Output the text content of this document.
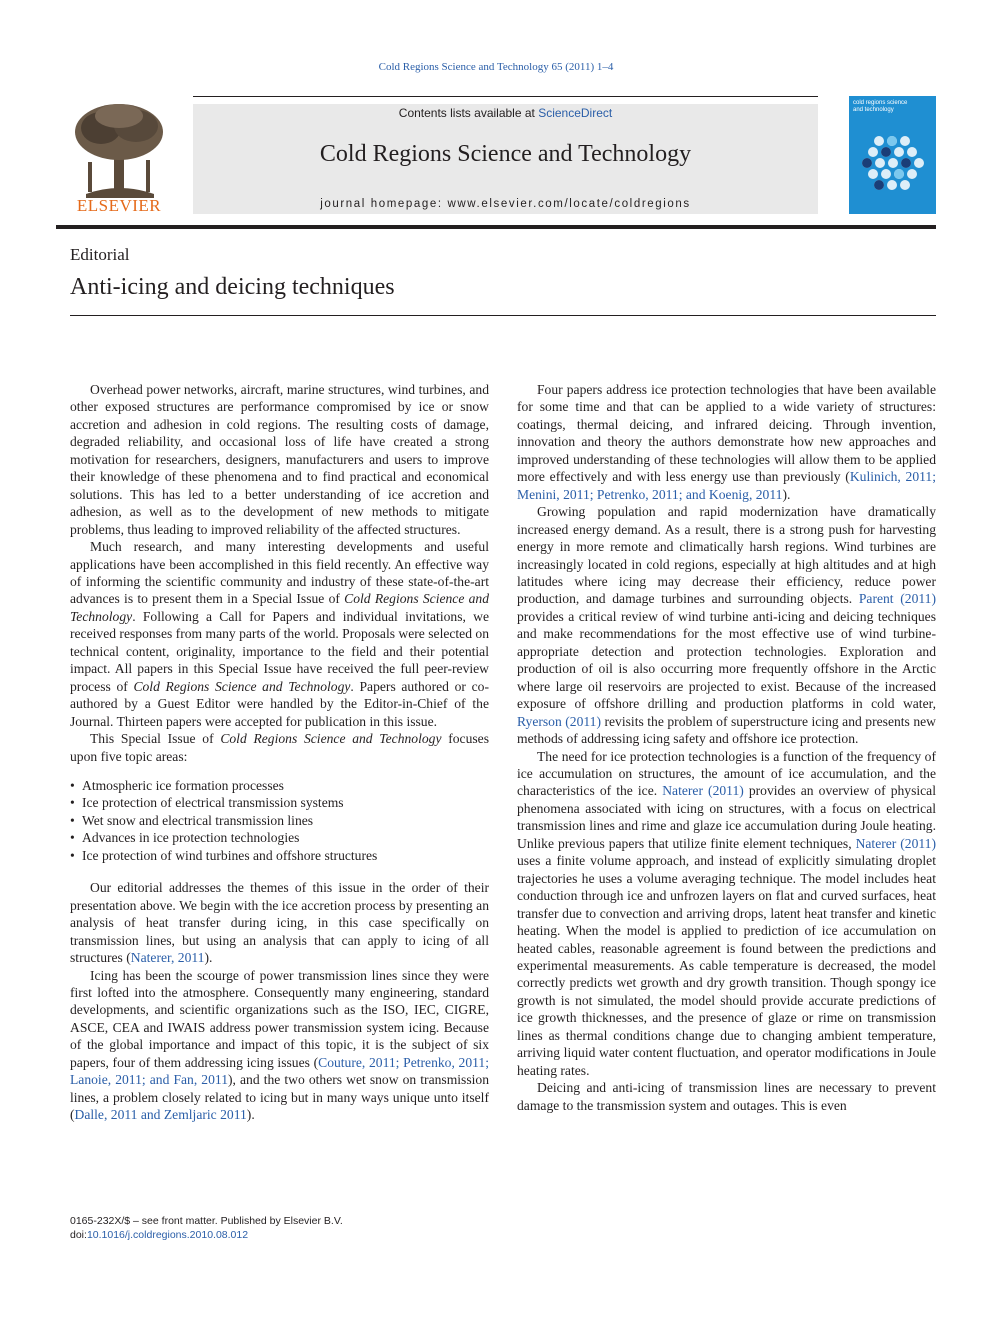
Cold Regions Science and Technology 65 (2011) 1–4
ELSEVIER
Contents lists available at ScienceDirect
Cold Regions Science and Technology
journal homepage: www.elsevier.com/locate/coldregions
cold regions science and technology
Editorial
Anti-icing and deicing techniques

Overhead power networks, aircraft, marine structures, wind turbines, and other exposed structures are performance compromised by ice or snow accretion and adhesion in cold regions. The resulting costs of damage, degraded reliability, and occasional loss of life have created a strong motivation for researchers, designers, manufacturers and users to improve their knowledge of these phenomena and to find practical and economical solutions. This has led to a better understanding of ice accretion and adhesion, as well as to the development of new methods to mitigate problems, thus leading to improved reliability of the affected structures.

Much research, and many interesting developments and useful applications have been accomplished in this field recently. An effective way of informing the scientific community and industry of these state-of-the-art advances is to present them in a Special Issue of Cold Regions Science and Technology. Following a Call for Papers and individual invitations, we received responses from many parts of the world. Proposals were selected on technical content, originality, importance to the field and their potential impact. All papers in this Special Issue have received the full peer-review process of Cold Regions Science and Technology. Papers authored or co-authored by a Guest Editor were handled by the Editor-in-Chief of the Journal. Thirteen papers were accepted for publication in this issue.

This Special Issue of Cold Regions Science and Technology focuses upon five topic areas:

• Atmospheric ice formation processes
• Ice protection of electrical transmission systems
• Wet snow and electrical transmission lines
• Advances in ice protection technologies
• Ice protection of wind turbines and offshore structures

Our editorial addresses the themes of this issue in the order of their presentation above. We begin with the ice accretion process by presenting an analysis of heat transfer during icing, in this case specifically on transmission lines, but using an analysis that can apply to icing of all structures (Naterer, 2011).

Icing has been the scourge of power transmission lines since they were first lofted into the atmosphere. Consequently many engineering, standard developments, and scientific organizations such as the ISO, IEC, CIGRE, ASCE, CEA and IWAIS address power transmission system icing. Because of the global importance and impact of this topic, it is the subject of six papers, four of them addressing icing issues (Couture, 2011; Petrenko, 2011; Lanoie, 2011; and Fan, 2011), and the two others wet snow on transmission lines, a problem closely related to icing but in many ways unique unto itself (Dalle, 2011 and Zemljaric 2011).

Four papers address ice protection technologies that have been available for some time and that can be applied to a wide variety of structures: coatings, thermal deicing, and infrared deicing. Through invention, innovation and theory the authors demonstrate how new approaches and improved understanding of these technologies will allow them to be applied more effectively and with less energy use than previously (Kulinich, 2011; Menini, 2011; Petrenko, 2011; and Koenig, 2011).

Growing population and rapid modernization have dramatically increased energy demand. As a result, there is a strong push for harvesting energy in more remote and climatically harsh regions. Wind turbines are increasingly located in cold regions, especially at high altitudes and at high latitudes where icing may decrease their efficiency, reduce power production, and damage turbines and surrounding objects. Parent (2011) provides a critical review of wind turbine anti-icing and deicing techniques and make recommendations for the most effective use of wind turbine-appropriate detection and protection technologies. Exploration and production of oil is also occurring more frequently offshore in the Arctic where large oil reservoirs are projected to exist. Because of the increased exposure of offshore drilling and production platforms in cold water, Ryerson (2011) revisits the problem of superstructure icing and presents new methods of addressing icing safety and offshore ice protection.

The need for ice protection technologies is a function of the frequency of ice accumulation on structures, the amount of ice accumulation, and the characteristics of the ice. Naterer (2011) provides an overview of physical phenomena associated with icing on structures, with a focus on electrical transmission lines and rime and glaze ice accumulation during Joule heating. Unlike previous papers that utilize finite element techniques, Naterer (2011) uses a finite volume approach, and instead of explicitly simulating droplet trajectories he uses a volume averaging technique. The model includes heat conduction through ice and unfrozen layers on flat and curved surfaces, heat transfer due to convection and arriving drops, latent heat transfer and kinetic heating. When the model is applied to prediction of ice accumulation on heated cables, reasonable agreement is found between the predictions and experimental measurements. As cable temperature is decreased, the model correctly predicts wet growth and dry growth transition. Though spongy ice growth is not simulated, the model should provide accurate predictions of ice growth thicknesses, and the presence of glaze or rime on transmission lines as thermal conditions change due to changing ambient temperature, arriving liquid water content fluctuation, and operator modifications in Joule heating rates.

Deicing and anti-icing of transmission lines are necessary to prevent damage to the transmission system and outages. This is even

0165-232X/$ – see front matter. Published by Elsevier B.V.
doi:10.1016/j.coldregions.2010.08.012
